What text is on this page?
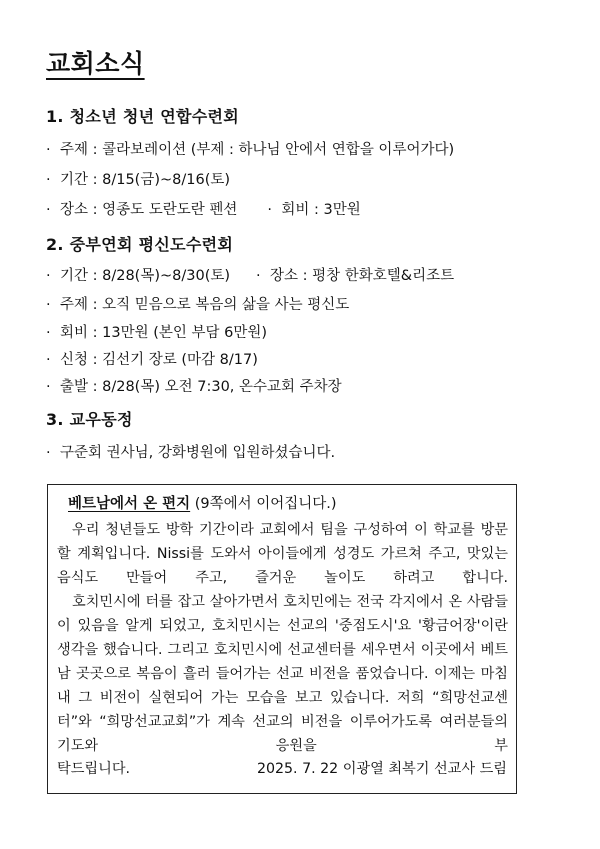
교회소식
1. 청소년 청년 연합수련회
· 주제 : 콜라보레이션 (부제 : 하나님 안에서 연합을 이루어가다)
· 기간 : 8/15(금)~8/16(토)
· 장소 : 영종도 도란도란 펜션 · 회비 : 3만원
2. 중부연회 평신도수련회
· 기간 : 8/28(목)~8/30(토) · 장소 : 평창 한화호텔&리조트
· 주제 : 오직 믿음으로 복음의 삶을 사는 평신도
· 회비 : 13만원 (본인 부담 6만원)
· 신청 : 김선기 장로 (마감 8/17)
· 출발 : 8/28(목) 오전 7:30, 온수교회 주차장
3. 교우동정
· 구준회 권사님, 강화병원에 입원하셨습니다.
베트남에서 온 편지 (9쪽에서 이어집니다.)

우리 청년들도 방학 기간이라 교회에서 팀을 구성하여 이 학교를 방문할 계획입니다. Nissi를 도와서 아이들에게 성경도 가르쳐 주고, 맛있는 음식도 만들어 주고, 즐거운 놀이도 하려고 합니다.

호치민시에 터를 잡고 살아가면서 호치민에는 전국 각지에서 온 사람들이 있음을 알게 되었고, 호치민시는 선교의 '중점도시'요 '황금어장'이란 생각을 했습니다. 그리고 호치민시에 선교센터를 세우면서 이곳에서 베트남 곳곳으로 복음이 흘러 들어가는 선교 비전을 품었습니다. 이제는 마침내 그 비전이 실현되어 가는 모습을 보고 있습니다. 저희 “희망선교센터”와 “희망선교교회”가 계속 선교의 비전을 이루어가도록 여러분들의 기도와 응원을 부

탁드립니다.	2025. 7. 22 이광열 최복기 선교사 드림
